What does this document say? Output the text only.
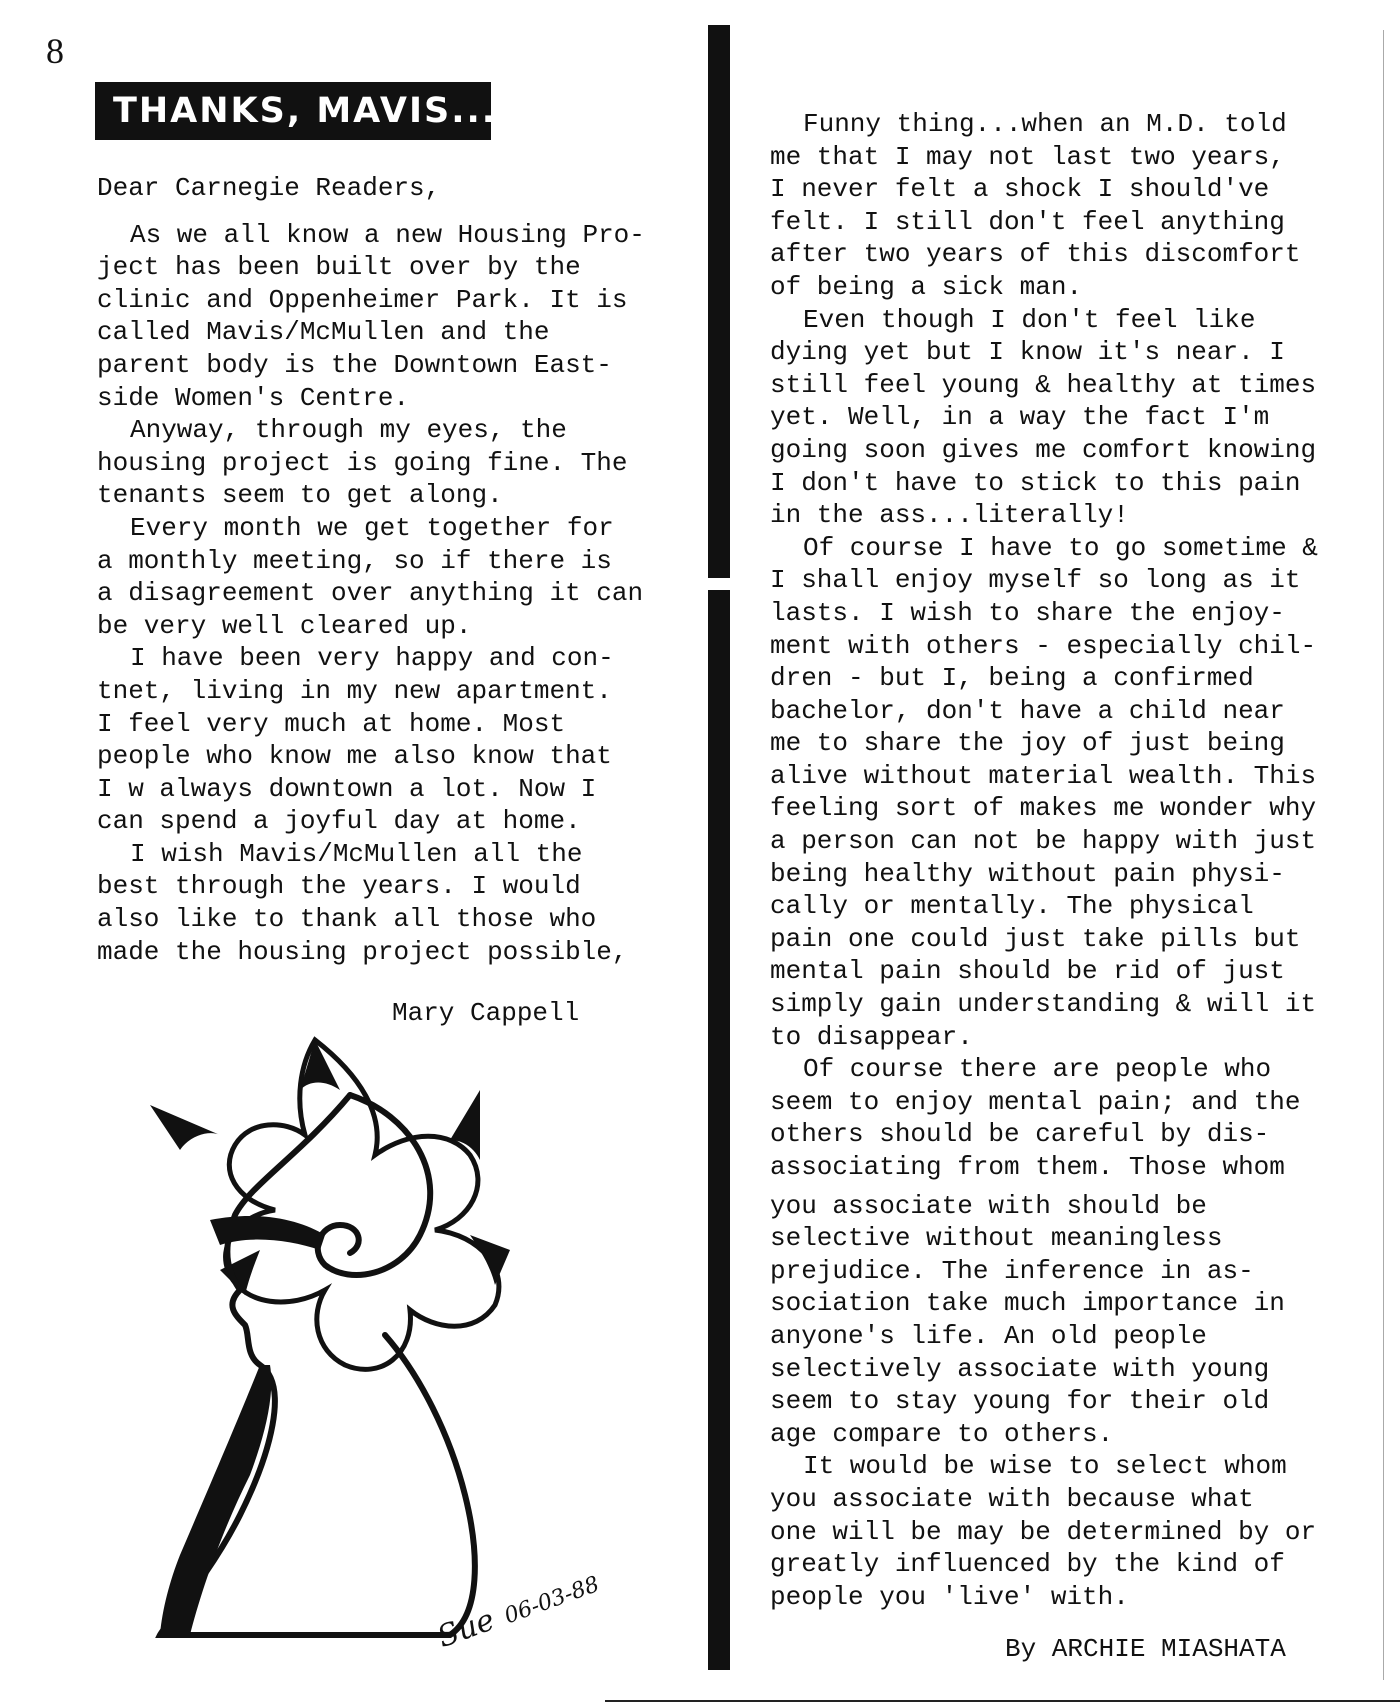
8
THANKS, MAVIS...

Dear Carnegie Readers,

As we all know a new Housing Pro-
ject has been built over by the
clinic and Oppenheimer Park. It is
called Mavis/McMullen and the
parent body is the Downtown East-
side Women's Centre.

Anyway, through my eyes, the
housing project is going fine. The
tenants seem to get along.

Every month we get together for
a monthly meeting, so if there is
a disagreement over anything it can
be very well cleared up.

I have been very happy and con-
tnet, living in my new apartment.
I feel very much at home. Most
people who know me also know that
I w always downtown a lot. Now I
can spend a joyful day at home.

I wish Mavis/McMullen all the
best through the years. I would
also like to thank all those who
made the housing project possible,

Mary Cappell
Sue06-03-88

Funny thing...when an M.D. told
me that I may not last two years,
I never felt a shock I should've
felt. I still don't feel anything
after two years of this discomfort
of being a sick man.

Even though I don't feel like
dying yet but I know it's near. I
still feel young & healthy at times
yet. Well, in a way the fact I'm
going soon gives me comfort knowing
I don't have to stick to this pain
in the ass...literally!

Of course I have to go sometime &
I shall enjoy myself so long as it
lasts. I wish to share the enjoy-
ment with others - especially chil-
dren - but I, being a confirmed
bachelor, don't have a child near
me to share the joy of just being
alive without material wealth. This
feeling sort of makes me wonder why
a person can not be happy with just
being healthy without pain physi-
cally or mentally. The physical
pain one could just take pills but
mental pain should be rid of just
simply gain understanding & will it
to disappear.

Of course there are people who
seem to enjoy mental pain; and the
others should be careful by dis-
associating from them. Those whom

you associate with should be
selective without meaningless
prejudice. The inference in as-
sociation take much importance in
anyone's life. An old people
selectively associate with young
seem to stay young for their old
age compare to others.

It would be wise to select whom
you associate with because what
one will be may be determined by or
greatly influenced by the kind of
people you 'live' with.

By ARCHIE MIASHATA
